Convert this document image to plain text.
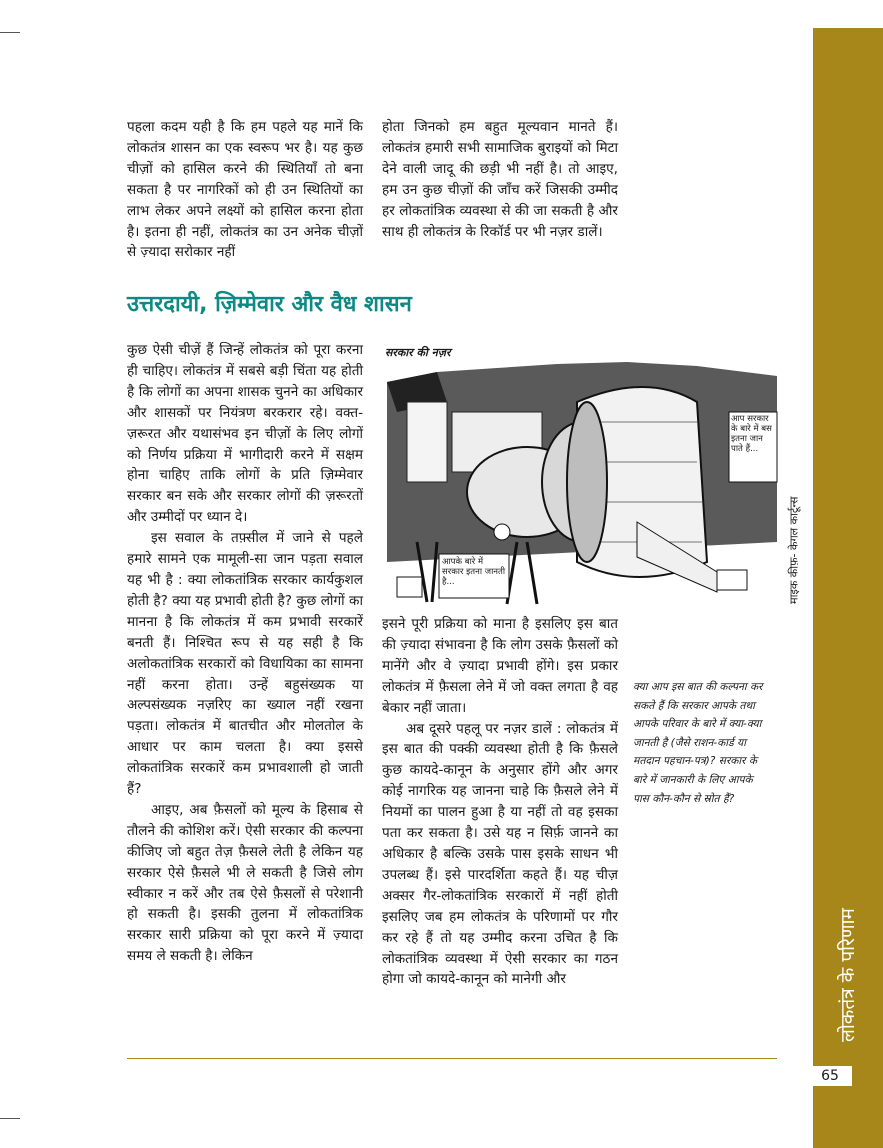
लोकतंत्र के परिणाम
65

पहला कदम यही है कि हम पहले यह मानें कि लोकतंत्र शासन का एक स्वरूप भर है। यह कुछ चीज़ों को हासिल करने की स्थितियाँ तो बना सकता है पर नागरिकों को ही उन स्थितियों का लाभ लेकर अपने लक्ष्यों को हासिल करना होता है। इतना ही नहीं, लोकतंत्र का उन अनेक चीज़ों से ज़्यादा सरोकार नहीं

होता जिनको हम बहुत मूल्यवान मानते हैं। लोकतंत्र हमारी सभी सामाजिक बुराइयों को मिटा देने वाली जादू की छड़ी भी नहीं है। तो आइए, हम उन कुछ चीज़ों की जाँच करें जिसकी उम्मीद हर लोकतांत्रिक व्यवस्था से की जा सकती है और साथ ही लोकतंत्र के रिकॉर्ड पर भी नज़र डालें।

उत्तरदायी, ज़िम्मेवार और वैध शासन

कुछ ऐसी चीज़ें हैं जिन्हें लोकतंत्र को पूरा करना ही चाहिए। लोकतंत्र में सबसे बड़ी चिंता यह होती है कि लोगों का अपना शासक चुनने का अधिकार और शासकों पर नियंत्रण बरकरार रहे। वक्त-ज़रूरत और यथासंभव इन चीज़ों के लिए लोगों को निर्णय प्रक्रिया में भागीदारी करने में सक्षम होना चाहिए ताकि लोगों के प्रति ज़िम्मेवार सरकार बन सके और सरकार लोगों की ज़रूरतों और उम्मीदों पर ध्यान दे।

इस सवाल के तफ़्सील में जाने से पहले हमारे सामने एक मामूली-सा जान पड़ता सवाल यह भी है : क्या लोकतांत्रिक सरकार कार्यकुशल होती है? क्या यह प्रभावी होती है? कुछ लोगों का मानना है कि लोकतंत्र में कम प्रभावी सरकारें बनती हैं। निश्चित रूप से यह सही है कि अलोकतांत्रिक सरकारों को विधायिका का सामना नहीं करना होता। उन्हें बहुसंख्यक या अल्पसंख्यक नज़रिए का ख्याल नहीं रखना पड़ता। लोकतंत्र में बातचीत और मोलतोल के आधार पर काम चलता है। क्या इससे लोकतांत्रिक सरकारें कम प्रभावशाली हो जाती हैं?

आइए, अब फ़ैसलों को मूल्य के हिसाब से तौलने की कोशिश करें। ऐसी सरकार की कल्पना कीजिए जो बहुत तेज़ फ़ैसले लेती है लेकिन यह सरकार ऐसे फ़ैसले भी ले सकती है जिसे लोग स्वीकार न करें और तब ऐसे फ़ैसलों से परेशानी हो सकती है। इसकी तुलना में लोकतांत्रिक सरकार सारी प्रक्रिया को पूरा करने में ज़्यादा समय ले सकती है। लेकिन

सरकार की नज़र
आपके बारे में सरकार इतना जानती है...
आप सरकार के बारे में बस इतना जान पाते हैं...
माइक कीफ़- केगल कार्टून्स

इसने पूरी प्रक्रिया को माना है इसलिए इस बात की ज़्यादा संभावना है कि लोग उसके फ़ैसलों को मानेंगे और वे ज़्यादा प्रभावी होंगे। इस प्रकार लोकतंत्र में फ़ैसला लेने में जो वक्त लगता है वह बेकार नहीं जाता।

अब दूसरे पहलू पर नज़र डालें : लोकतंत्र में इस बात की पक्की व्यवस्था होती है कि फ़ैसले कुछ कायदे-कानून के अनुसार होंगे और अगर कोई नागरिक यह जानना चाहे कि फ़ैसले लेने में नियमों का पालन हुआ है या नहीं तो वह इसका पता कर सकता है। उसे यह न सिर्फ़ जानने का अधिकार है बल्कि उसके पास इसके साधन भी उपलब्ध हैं। इसे पारदर्शिता कहते हैं। यह चीज़ अक्सर गैर-लोकतांत्रिक सरकारों में नहीं होती इसलिए जब हम लोकतंत्र के परिणामों पर गौर कर रहे हैं तो यह उम्मीद करना उचित है कि लोकतांत्रिक व्यवस्था में ऐसी सरकार का गठन होगा जो कायदे-कानून को मानेगी और

क्या आप इस बात की कल्पना कर सकते हैं कि सरकार आपके तथा आपके परिवार के बारे में क्या-क्या जानती है (जैसे राशन-कार्ड या मतदान पहचान-पत्र)? सरकार के बारे में जानकारी के लिए आपके पास कौन-कौन से स्रोत हैं?
